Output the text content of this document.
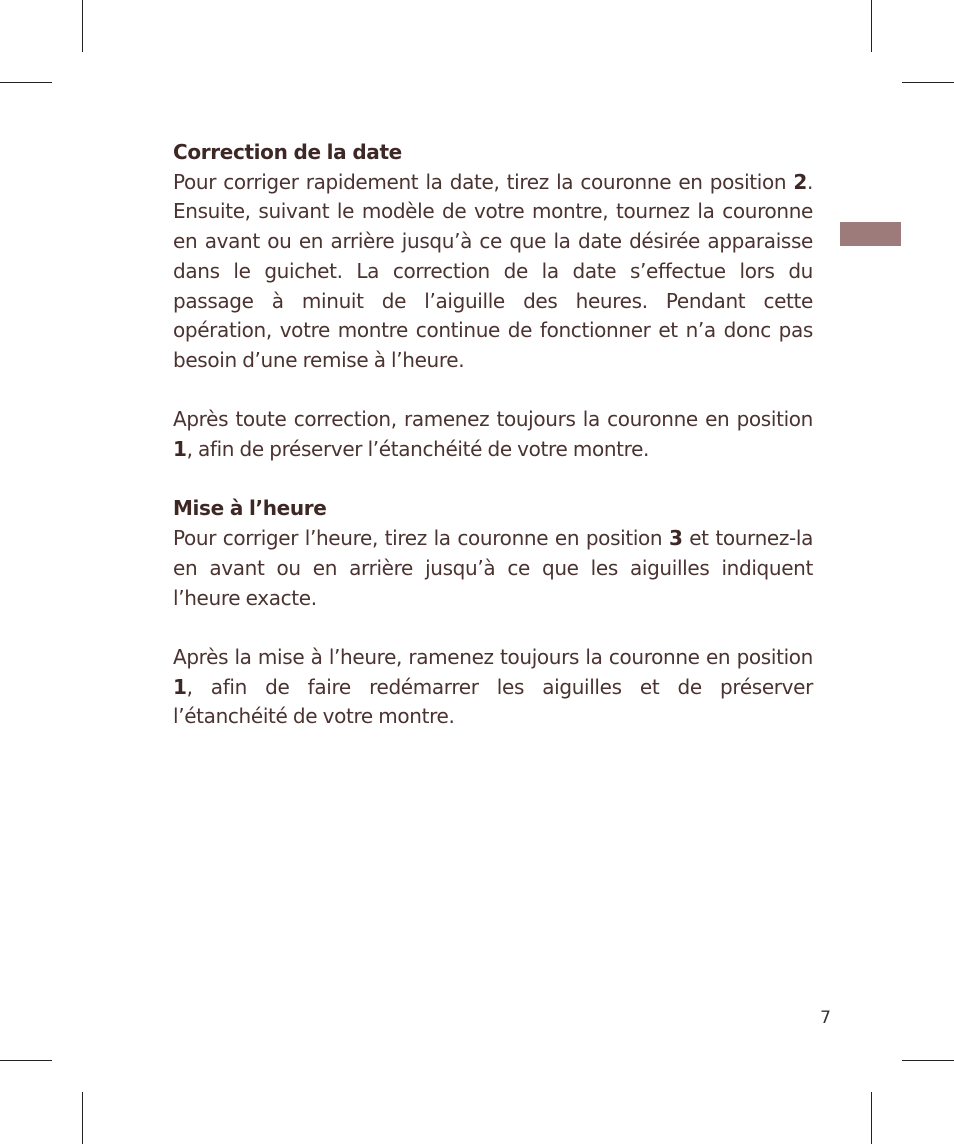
Correction de la date

Pour corriger rapidement la date, tirez la couronne en position 2. Ensuite, suivant le modèle de votre montre, tournez la couronne en avant ou en arrière jusqu’à ce que la date désirée apparaisse dans le guichet. La correction de la date s’effectue lors du passage à minuit de l’aiguille des heures. Pendant cette opération, votre montre continue de fonctionner et n’a donc pas besoin d’une remise à l’heure.

Après toute correction, ramenez toujours la couronne en position 1, afin de préserver l’étanchéité de votre montre.

Mise à l’heure

Pour corriger l’heure, tirez la couronne en position 3 et tournez-la en avant ou en arrière jusqu’à ce que les aiguilles indiquent l’heure exacte.

Après la mise à l’heure, ramenez toujours la couronne en position 1, afin de faire redémarrer les aiguilles et de préserver l’étanchéité de votre montre.

7
